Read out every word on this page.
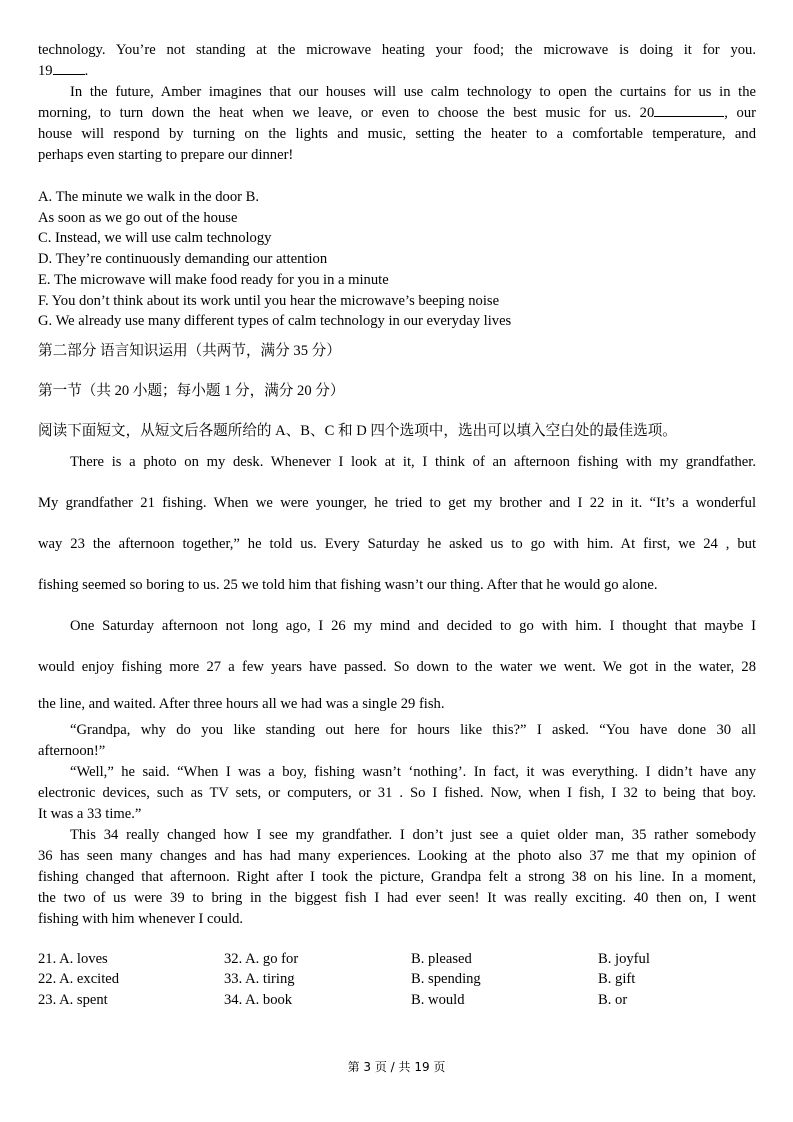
technology. You’re not standing at the microwave heating your food; the microwave is doing it for you.

19 .

In the future, Amber imagines that our houses will use calm technology to open the curtains for us in the

morning, to turn down the heat when we leave, or even to choose the best music for us. 20	, our

house will respond by turning on the lights and music, setting the heater to a comfortable temperature, and

perhaps even starting to prepare our dinner!

A. The minute we walk in the door B.

As soon as we go out of the house

C. Instead, we will use calm technology

D. They’re continuously demanding our attention

E. The microwave will make food ready for you in a minute

F. You don’t think about its work until you hear the microwave’s beeping noise

G. We already use many different types of calm technology in our everyday lives

第二部分 语言知识运用（共两节，满分 35 分）

第一节（共 20 小题；每小题 1 分，满分 20 分）

阅读下面短文，从短文后各题所给的 A、B、C 和 D 四个选项中，选出可以填入空白处的最佳选项。

There is a photo on my desk. Whenever I look at it, I think of an afternoon fishing with my grandfather.

My grandfather 21 fishing. When we were younger, he tried to get my brother and I 22 in it. “It’s a wonderful

way 23 the afternoon together,” he told us. Every Saturday he asked us to go with him. At first, we 24 , but

fishing seemed so boring to us. 25 we told him that fishing wasn’t our thing. After that he would go alone.

One Saturday afternoon not long ago, I 26 my mind and decided to go with him. I thought that maybe I

would enjoy fishing more 27 a few years have passed. So down to the water we went. We got in the water, 28

the line, and waited. After three hours all we had was a single 29 fish.

“Grandpa, why do you like standing out here for hours like this?” I asked. “You have done 30 all

afternoon!”

“Well,” he said. “When I was a boy, fishing wasn’t ‘nothing’. In fact, it was everything. I didn’t have any

electronic devices, such as TV sets, or computers, or 31 . So I fished. Now, when I fish, I 32 to being that boy.

It was a 33 time.”

This 34 really changed how I see my grandfather. I don’t just see a quiet older man, 35 rather somebody

36 has seen many changes and has had many experiences. Looking at the photo also 37 me that my opinion of

fishing changed that afternoon. Right after I took the picture, Grandpa felt a strong 38 on his line. In a moment,

the two of us were 39 to bring in the biggest fish I had ever seen! It was really exciting. 40 then on, I went

fishing with him whenever I could.

21. A. loves	32. A. go for	B. pleased	B. joyful
22. A. excited	33. A. tiring	B. spending	B. gift
23. A. spent	34. A. book	B. would	B. or
第 3 页 / 共 19 页
